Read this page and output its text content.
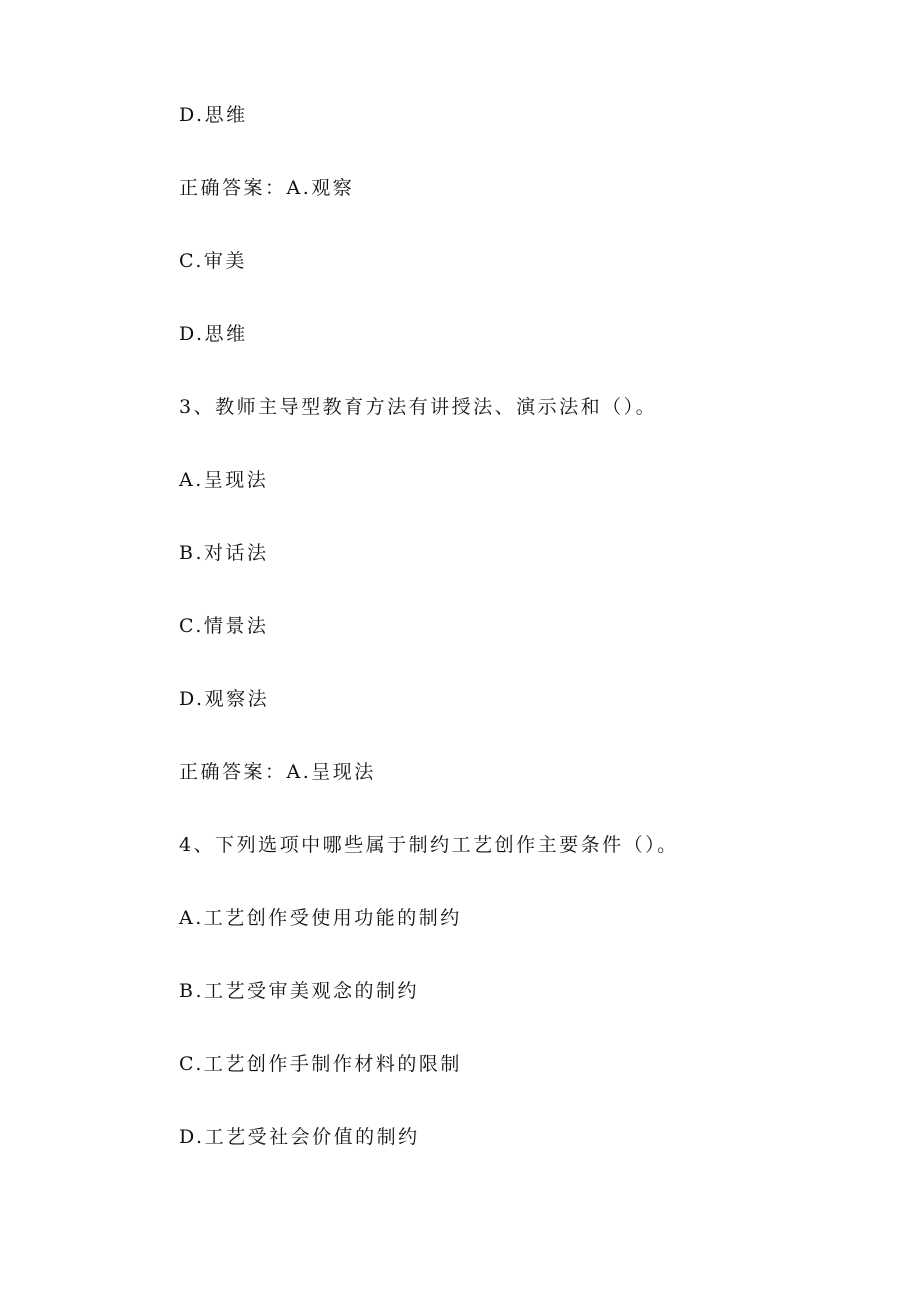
D.思维
正确答案：A.观察
C.审美
D.思维
3、教师主导型教育方法有讲授法、演示法和（）。
A.呈现法
B.对话法
C.情景法
D.观察法
正确答案：A.呈现法
4、下列选项中哪些属于制约工艺创作主要条件（）。
A.工艺创作受使用功能的制约
B.工艺受审美观念的制约
C.工艺创作手制作材料的限制
D.工艺受社会价值的制约
